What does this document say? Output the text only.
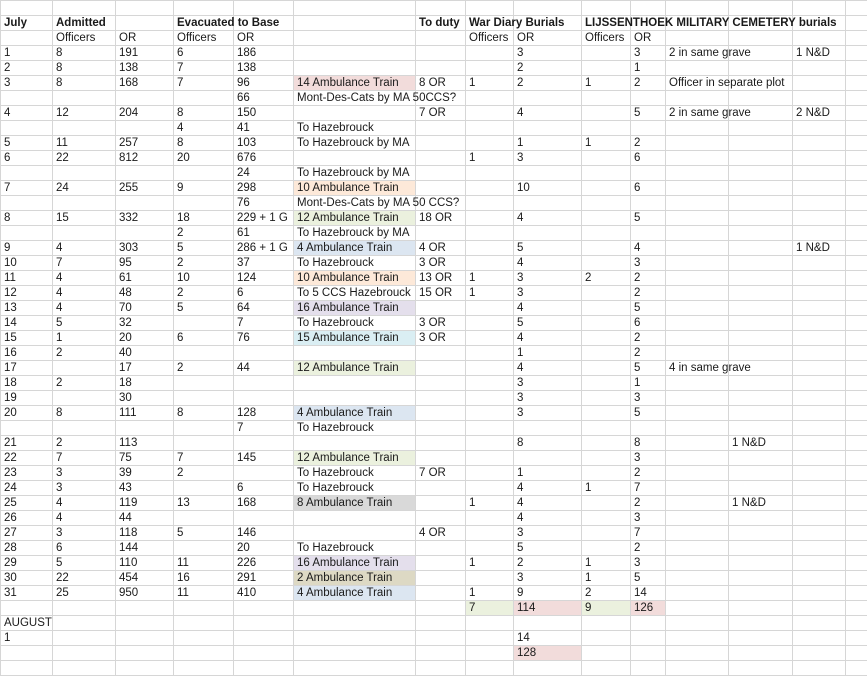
July	Admitted		Evacuated to Base			To duty	War Diary Burials		LIJSSENTHOEK MILITARY CEMETERY burials					
	Officers	OR	Officers	OR			Officers	OR	Officers	OR				
1	8	191	6	186				3		3	2 in same grave		1 N&D	
2	8	138	7	138				2		1				
3	8	168	7	96	14 Ambulance Train	8 OR	1	2	1	2	Officer in separate plot			
				66	Mont-Des-Cats by MA 50CCS?									
4	12	204	8	150		7 OR		4		5	2 in same grave		2 N&D	
			4	41	To Hazebrouck									
5	11	257	8	103	To Hazebrouck by MA			1	1	2				
6	22	812	20	676			1	3		6				
				24	To Hazebrouck by MA									
7	24	255	9	298	10 Ambulance Train			10		6				
				76	Mont-Des-Cats by MA 50 CCS?									
8	15	332	18	229 + 1 G	12 Ambulance Train	18 OR		4		5				
			2	61	To Hazebrouck by MA									
9	4	303	5	286 + 1 G	4 Ambulance Train	4 OR		5		4			1 N&D	
10	7	95	2	37	To Hazebrouck	3 OR		4		3				
11	4	61	10	124	10 Ambulance Train	13 OR	1	3	2	2				
12	4	48	2	6	To 5 CCS Hazebrouck	15 OR	1	3		2				
13	4	70	5	64	16 Ambulance Train			4		5				
14	5	32		7	To Hazebrouck	3 OR		5		6				
15	1	20	6	76	15 Ambulance Train	3 OR		4		2				
16	2	40						1		2				
17		17	2	44	12 Ambulance Train			4		5	4 in same grave			
18	2	18						3		1				
19		30						3		3				
20	8	111	8	128	4 Ambulance Train			3		5				
				7	To Hazebrouck									
21	2	113						8		8		1 N&D		
22	7	75	7	145	12 Ambulance Train					3				
23	3	39	2		To Hazebrouck	7 OR		1		2				
24	3	43		6	To Hazebrouck			4	1	7				
25	4	119	13	168	8 Ambulance Train		1	4		2		1 N&D		
26	4	44						4		3				
27	3	118	5	146		4 OR		3		7				
28	6	144		20	To Hazebrouck			5		2				
29	5	110	11	226	16 Ambulance Train		1	2	1	3				
30	22	454	16	291	2 Ambulance Train			3	1	5				
31	25	950	11	410	4 Ambulance Train		1	9	2	14				
							7	114	9	126				
AUGUST														
1								14						
								128						
